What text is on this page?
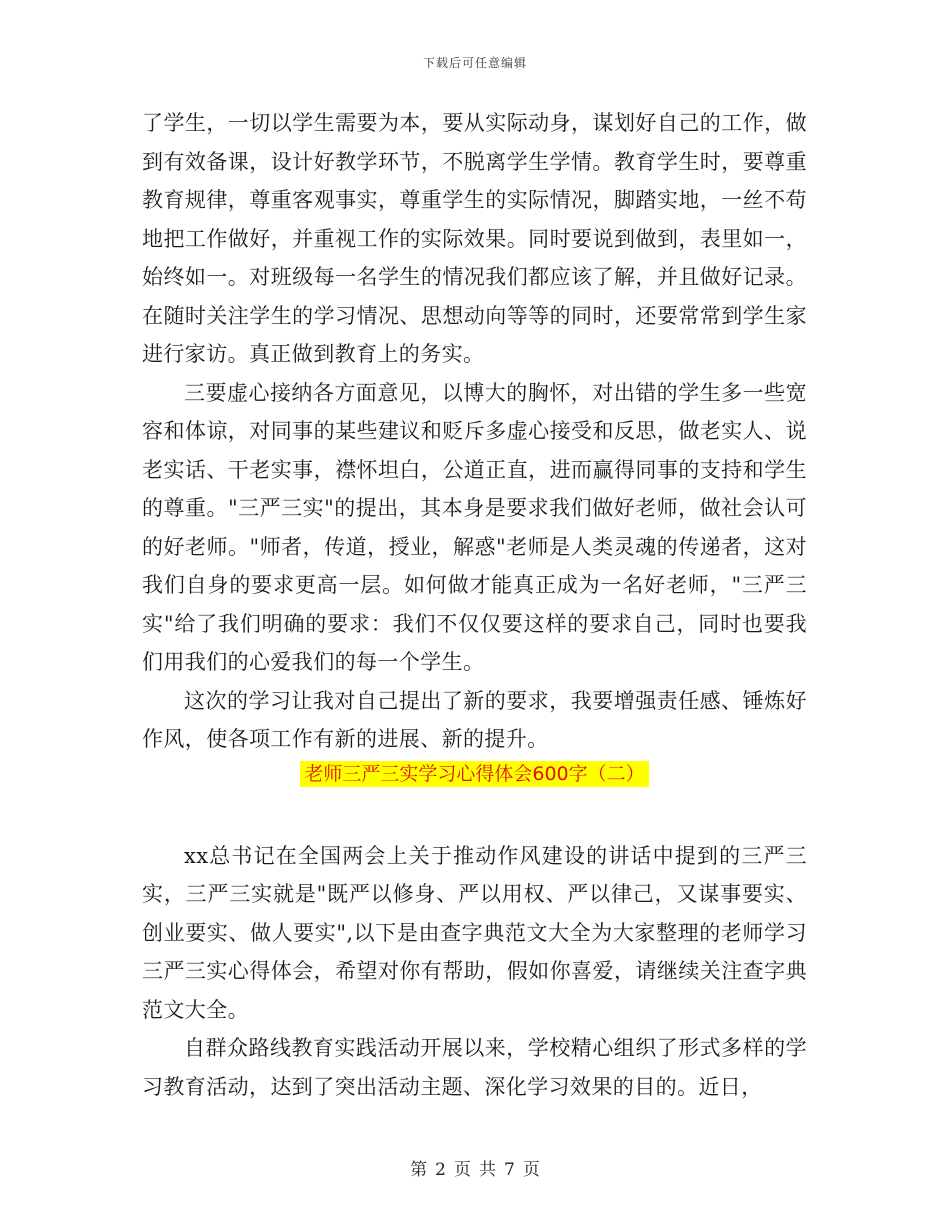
下载后可任意编辑

了学生，一切以学生需要为本，要从实际动身，谋划好自己的工作，做到有效备课，设计好教学环节，不脱离学生学情。教育学生时，要尊重教育规律，尊重客观事实，尊重学生的实际情况，脚踏实地，一丝不苟地把工作做好，并重视工作的实际效果。同时要说到做到，表里如一，始终如一。对班级每一名学生的情况我们都应该了解，并且做好记录。在随时关注学生的学习情况、思想动向等等的同时，还要常常到学生家进行家访。真正做到教育上的务实。

三要虚心接纳各方面意见，以博大的胸怀，对出错的学生多一些宽容和体谅，对同事的某些建议和贬斥多虚心接受和反思，做老实人、说老实话、干老实事，襟怀坦白，公道正直，进而赢得同事的支持和学生的尊重。"三严三实"的提出，其本身是要求我们做好老师，做社会认可的好老师。"师者，传道，授业，解惑"老师是人类灵魂的传递者，这对我们自身的要求更高一层。如何做才能真正成为一名好老师，"三严三实"给了我们明确的要求：我们不仅仅要这样的要求自己，同时也要我们用我们的心爱我们的每一个学生。

这次的学习让我对自己提出了新的要求，我要增强责任感、锤炼好作风，使各项工作有新的进展、新的提升。

老师三严三实学习心得体会600字（二）

xx总书记在全国两会上关于推动作风建设的讲话中提到的三严三实，三严三实就是"既严以修身、严以用权、严以律己，又谋事要实、创业要实、做人要实",以下是由查字典范文大全为大家整理的老师学习三严三实心得体会，希望对你有帮助，假如你喜爱，请继续关注查字典范文大全。

自群众路线教育实践活动开展以来，学校精心组织了形式多样的学习教育活动，达到了突出活动主题、深化学习效果的目的。近日，

第 2 页 共 7 页
